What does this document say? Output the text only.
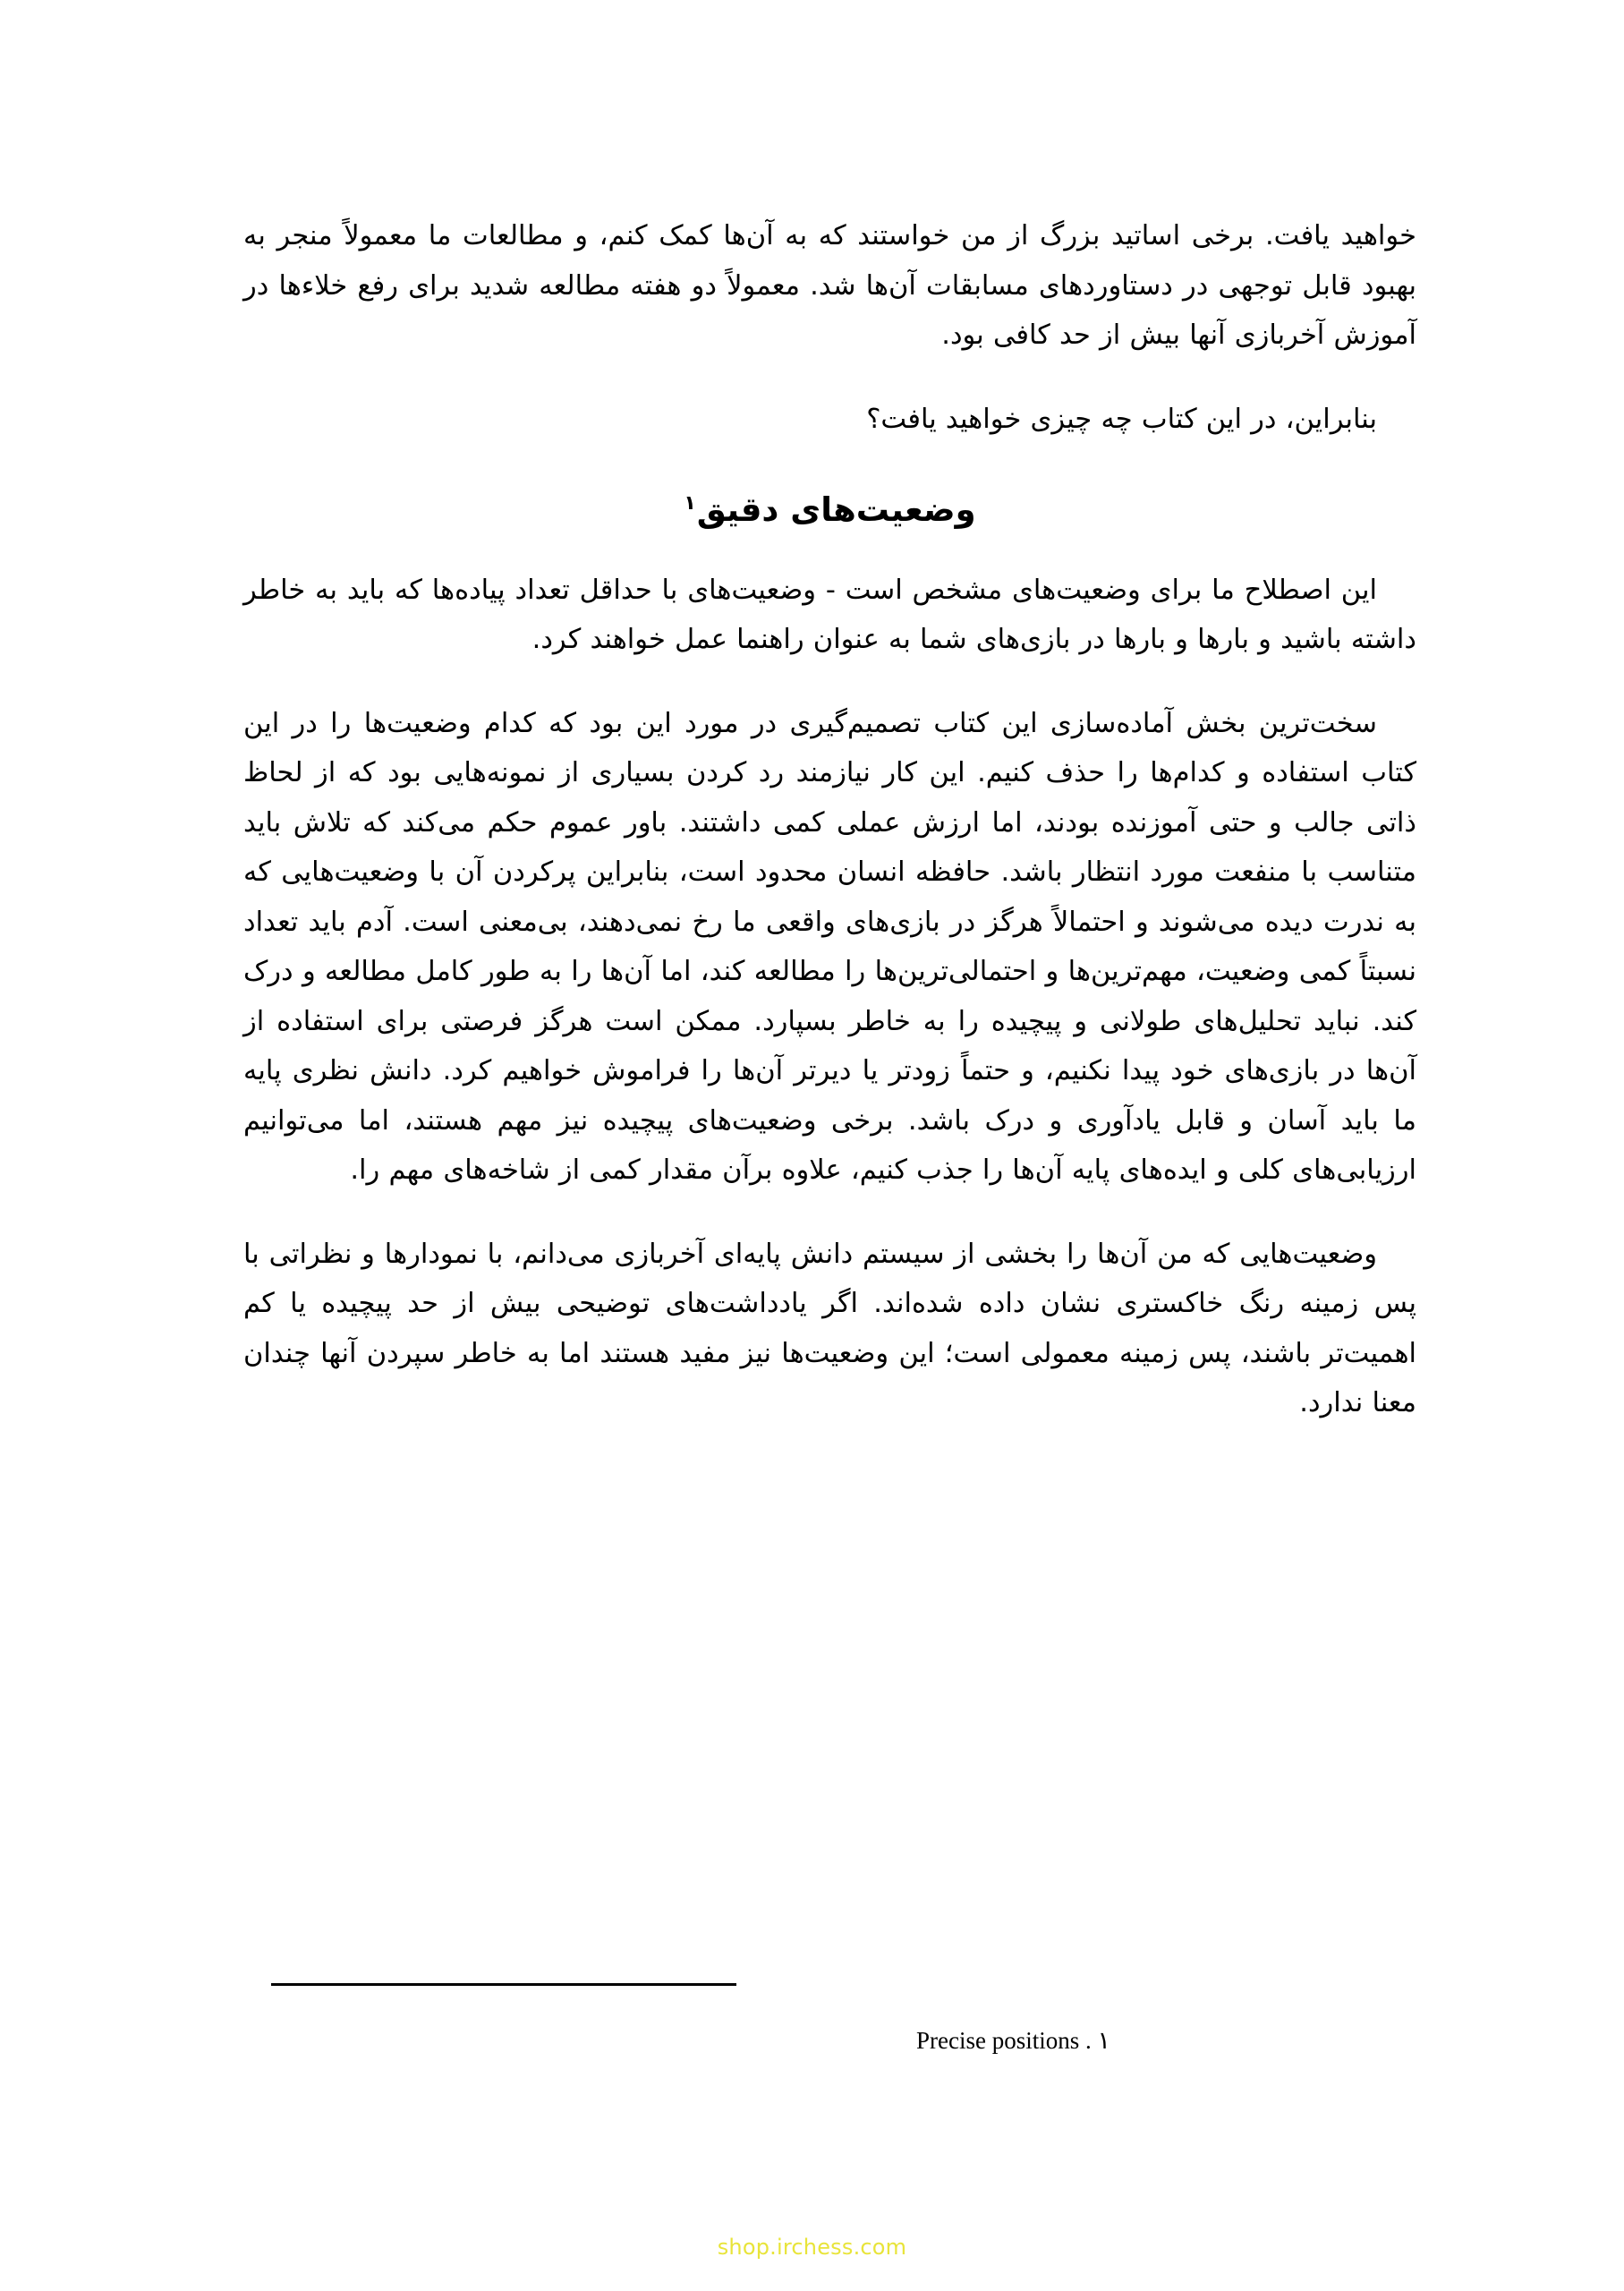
خواهید یافت. برخی اساتید بزرگ از من خواستند که به آن‌ها کمک کنم، و مطالعات ما معمولاً منجر به بهبود قابل توجهی در دستاوردهای مسابقات آن‌ها شد. معمولاً دو هفته مطالعه شدید برای رفع خلاءها در آموزش آخربازی آنها بیش از حد کافی بود.

بنابراین، در این کتاب چه چیزی خواهید یافت؟

وضعیت‌های دقیق$^۱$

این اصطلاح ما برای وضعیت‌های مشخص است - وضعیت‌های با حداقل تعداد پیاده‌ها که باید به خاطر داشته باشید و بارها و بارها در بازی‌های شما به عنوان راهنما عمل خواهند کرد.

سخت‌ترین بخش آماده‌سازی این کتاب تصمیم‌گیری در مورد این بود که کدام وضعیت‌ها را در این کتاب استفاده و کدام‌ها را حذف کنیم. این کار نیازمند رد کردن بسیاری از نمونه‌هایی بود که از لحاظ ذاتی جالب و حتی آموزنده بودند، اما ارزش عملی کمی داشتند. باور عموم حکم می‌کند که تلاش باید متناسب با منفعت مورد انتظار باشد. حافظه انسان محدود است، بنابراین پرکردن آن با وضعیت‌هایی که به ندرت دیده می‌شوند و احتمالاً هرگز در بازی‌های واقعی ما رخ نمی‌دهند، بی‌معنی است. آدم باید تعداد نسبتاً کمی وضعیت، مهم‌ترین‌ها و احتمالی‌ترین‌ها را مطالعه کند، اما آن‌ها را به طور کامل مطالعه و درک کند. نباید تحلیل‌های طولانی و پیچیده را به خاطر بسپارد. ممکن است هرگز فرصتی برای استفاده از آن‌ها در بازی‌های خود پیدا نکنیم، و حتماً زودتر یا دیرتر آن‌ها را فراموش خواهیم کرد. دانش نظری پایه ما باید آسان و قابل یادآوری و درک باشد. برخی وضعیت‌های پیچیده نیز مهم هستند، اما می‌توانیم ارزیابی‌های کلی و ایده‌های پایه آن‌ها را جذب کنیم، علاوه برآن مقدار کمی از شاخه‌های مهم را.

وضعیت‌هایی که من آن‌ها را بخشی از سیستم دانش پایه‌ای آخربازی می‌دانم، با نمودارها و نظراتی با پس زمینه رنگ خاکستری نشان داده شده‌اند. اگر یادداشت‌های توضیحی بیش از حد پیچیده یا کم اهمیت‌تر باشند، پس زمینه معمولی است؛ این وضعیت‌ها نیز مفید هستند اما به خاطر سپردن آنها چندان معنا ندارد.

Precise positions . ۱
shop.irchess.com
